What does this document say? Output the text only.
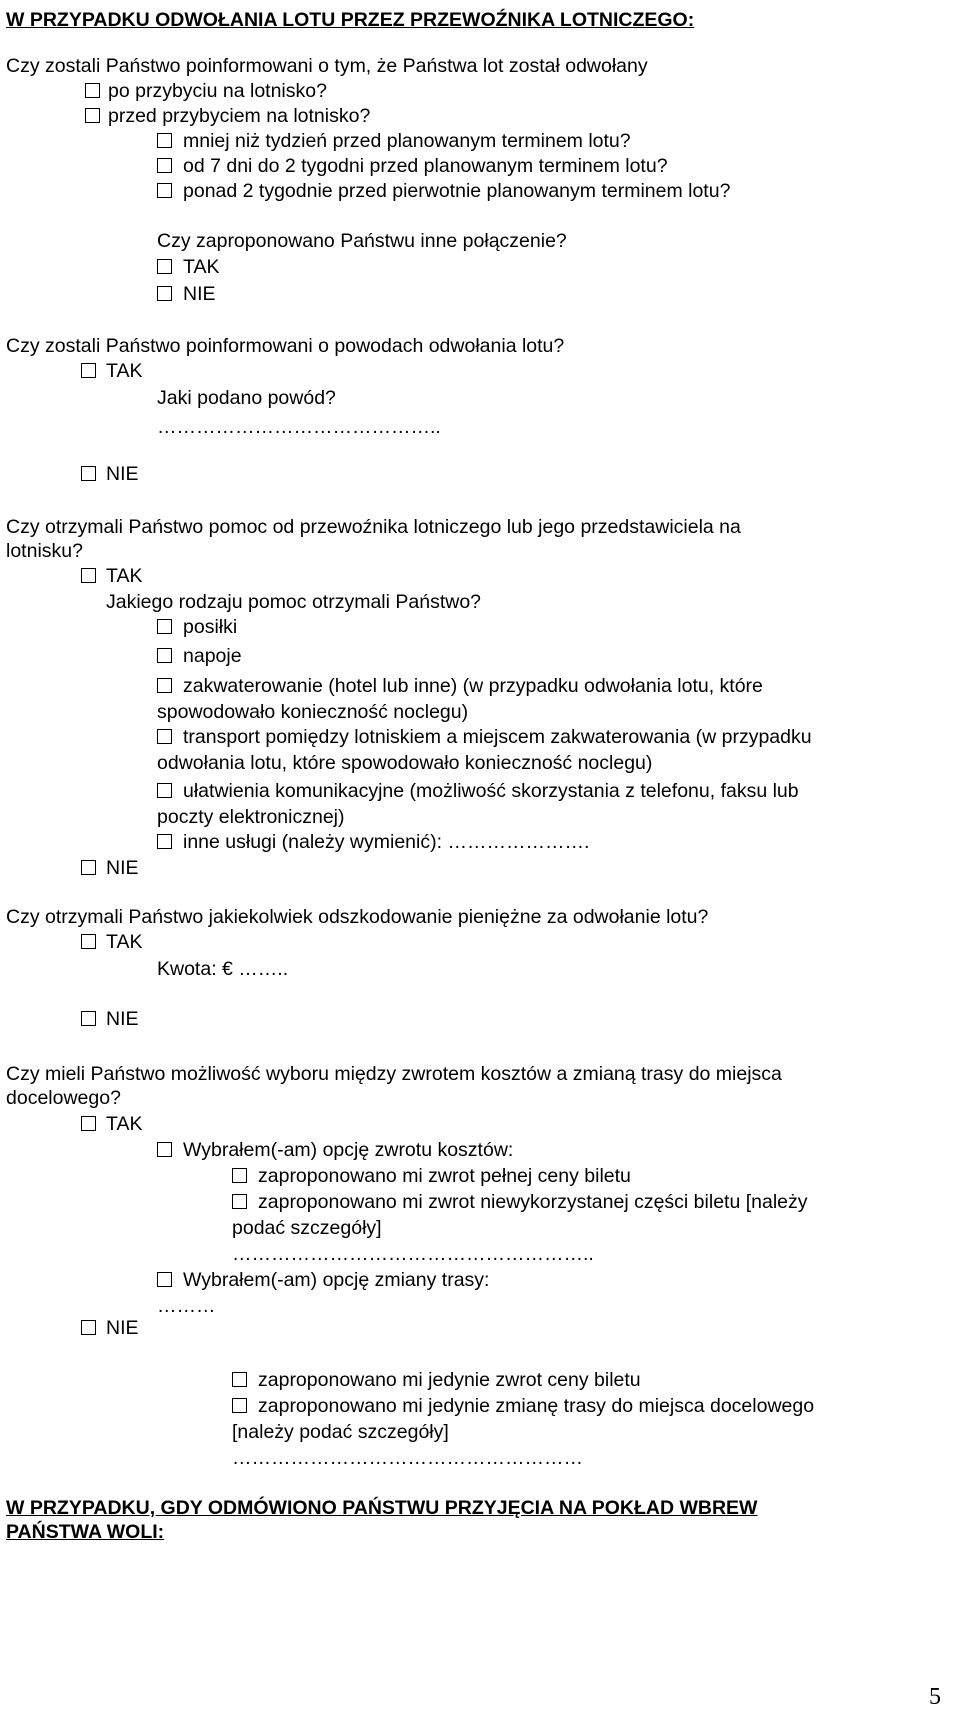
W PRZYPADKU ODWOŁANIA LOTU PRZEZ PRZEWOŹNIKA LOTNICZEGO:
Czy zostali Państwo poinformowani o tym, że Państwa lot został odwołany
po przybyciu na lotnisko?
przed przybyciem na lotnisko?
mniej niż tydzień przed planowanym terminem lotu?
od 7 dni do 2 tygodni przed planowanym terminem lotu?
ponad 2 tygodnie przed pierwotnie planowanym terminem lotu?
Czy zaproponowano Państwu inne połączenie?
TAK
NIE
Czy zostali Państwo poinformowani o powodach odwołania lotu?
TAK
Jaki podano powód?
……………………………………..
NIE
Czy otrzymali Państwo pomoc od przewoźnika lotniczego lub jego przedstawiciela na
lotnisku?
TAK
Jakiego rodzaju pomoc otrzymali Państwo?
posiłki
napoje
zakwaterowanie (hotel lub inne) (w przypadku odwołania lotu, które
spowodowało konieczność noclegu)
transport pomiędzy lotniskiem a miejscem zakwaterowania (w przypadku
odwołania lotu, które spowodowało konieczność noclegu)
ułatwienia komunikacyjne (możliwość skorzystania z telefonu, faksu lub
poczty elektronicznej)
inne usługi (należy wymienić): ………………….
NIE
Czy otrzymali Państwo jakiekolwiek odszkodowanie pieniężne za odwołanie lotu?
TAK
Kwota: € ……..
NIE
Czy mieli Państwo możliwość wyboru między zwrotem kosztów a zmianą trasy do miejsca
docelowego?
TAK
Wybrałem(-am) opcję zwrotu kosztów:
zaproponowano mi zwrot pełnej ceny biletu
zaproponowano mi zwrot niewykorzystanej części biletu [należy
podać szczegóły]
………………………………………………..
Wybrałem(-am) opcję zmiany trasy:
………
NIE
zaproponowano mi jedynie zwrot ceny biletu
zaproponowano mi jedynie zmianę trasy do miejsca docelowego
[należy podać szczegóły]
………………………………………………
W PRZYPADKU, GDY ODMÓWIONO PAŃSTWU PRZYJĘCIA NA POKŁAD WBREW
PAŃSTWA WOLI:
5
